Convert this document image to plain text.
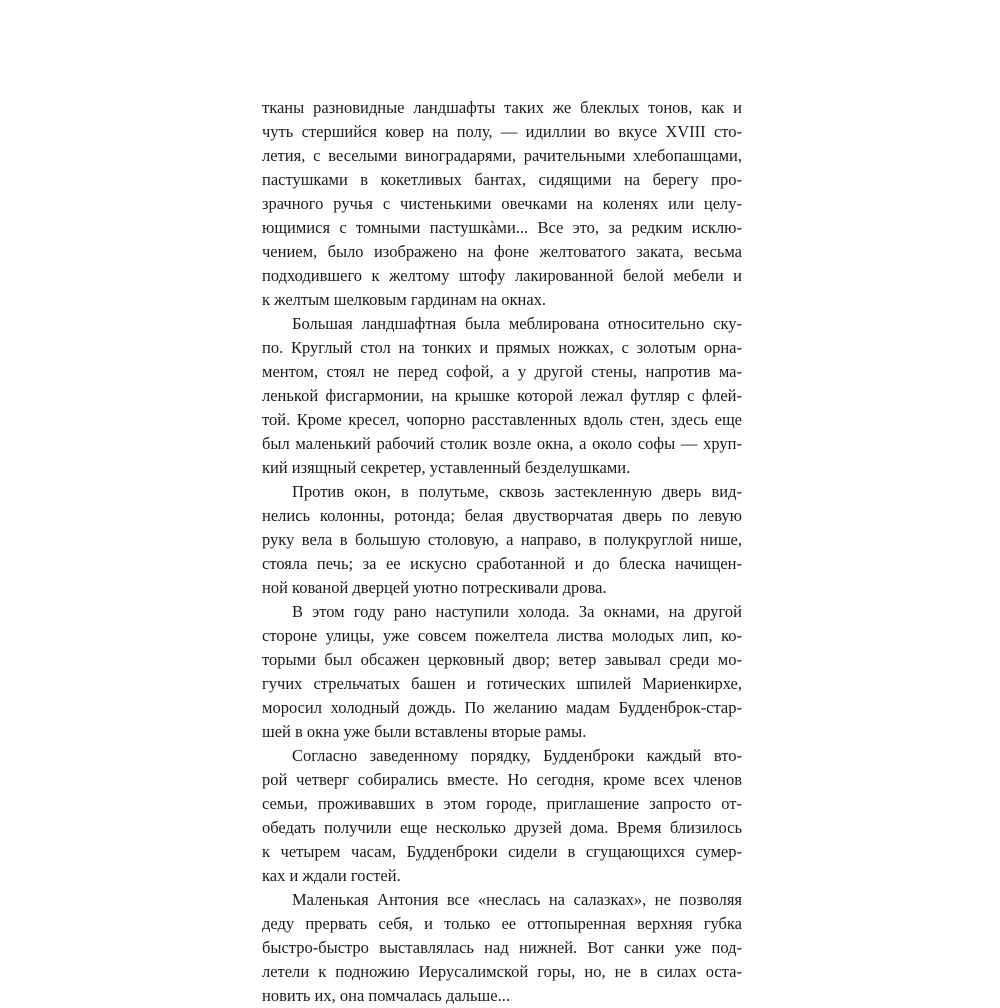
тканы разновидные ландшафты таких же блеклых тонов, как и
чуть стершийся ковер на полу, — идиллии во вкусе XVIII сто-
летия, с веселыми виноградарями, рачительными хлебопашцами,
пастушками в кокетливых бантах, сидящими на берегу про-
зрачного ручья с чистенькими овечками на коленях или целу-
ющимися с томными пастушкàми... Все это, за редким исклю-
чением, было изображено на фоне желтоватого заката, весьма
подходившего к желтому штофу лакированной белой мебели и
к желтым шелковым гардинам на окнах.
Большая ландшафтная была меблирована относительно ску-
по. Круглый стол на тонких и прямых ножках, с золотым орна-
ментом, стоял не перед софой, а у другой стены, напротив ма-
ленькой фисгармонии, на крышке которой лежал футляр с флей-
той. Кроме кресел, чопорно расставленных вдоль стен, здесь еще
был маленький рабочий столик возле окна, а около софы — хруп-
кий изящный секретер, уставленный безделушками.
Против окон, в полутьме, сквозь застекленную дверь вид-
нелись колонны, ротонда; белая двустворчатая дверь по левую
руку вела в большую столовую, а направо, в полукруглой нише,
стояла печь; за ее искусно сработанной и до блеска начищен-
ной кованой дверцей уютно потрескивали дрова.
В этом году рано наступили холода. За окнами, на другой
стороне улицы, уже совсем пожелтела листва молодых лип, ко-
торыми был обсажен церковный двор; ветер завывал среди мо-
гучих стрельчатых башен и готических шпилей Мариенкирхе,
моросил холодный дождь. По желанию мадам Будденброк-стар-
шей в окна уже были вставлены вторые рамы.
Согласно заведенному порядку, Будденброки каждый вто-
рой четверг собирались вместе. Но сегодня, кроме всех членов
семьи, проживавших в этом городе, приглашение запросто от-
обедать получили еще несколько друзей дома. Время близилось
к четырем часам, Будденброки сидели в сгущающихся сумер-
ках и ждали гостей.
Маленькая Антония все «неслась на салазках», не позволяя
деду прервать себя, и только ее оттопыренная верхняя губка
быстро-быстро выставлялась над нижней. Вот санки уже под-
летели к подножию Иерусалимской горы, но, не в силах оста-
новить их, она помчалась дальше...
